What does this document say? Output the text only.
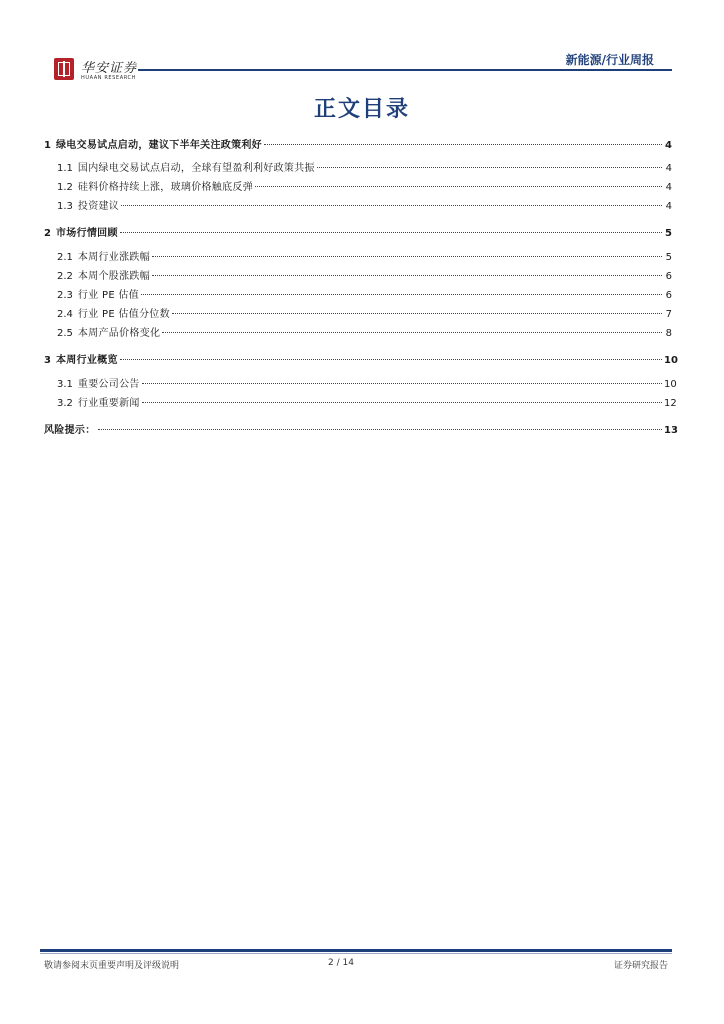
华安证券
HUAAN RESEARCH
新能源/行业周报
正文目录
1 绿电交易试点启动，建议下半年关注政策利好	4
1.1 国内绿电交易试点启动，全球有望盈利利好政策共振	4
1.2 硅料价格持续上涨，玻璃价格触底反弹	4
1.3 投资建议	4
2 市场行情回顾	5
2.1 本周行业涨跌幅	5
2.2 本周个股涨跌幅	6
2.3 行业 PE 估值	6
2.4 行业 PE 估值分位数	7
2.5 本周产品价格变化	8
3 本周行业概览	10
3.1 重要公司公告	10
3.2 行业重要新闻	12
风险提示：	13
敬请参阅末页重要声明及评级说明	2 / 14	证券研究报告
